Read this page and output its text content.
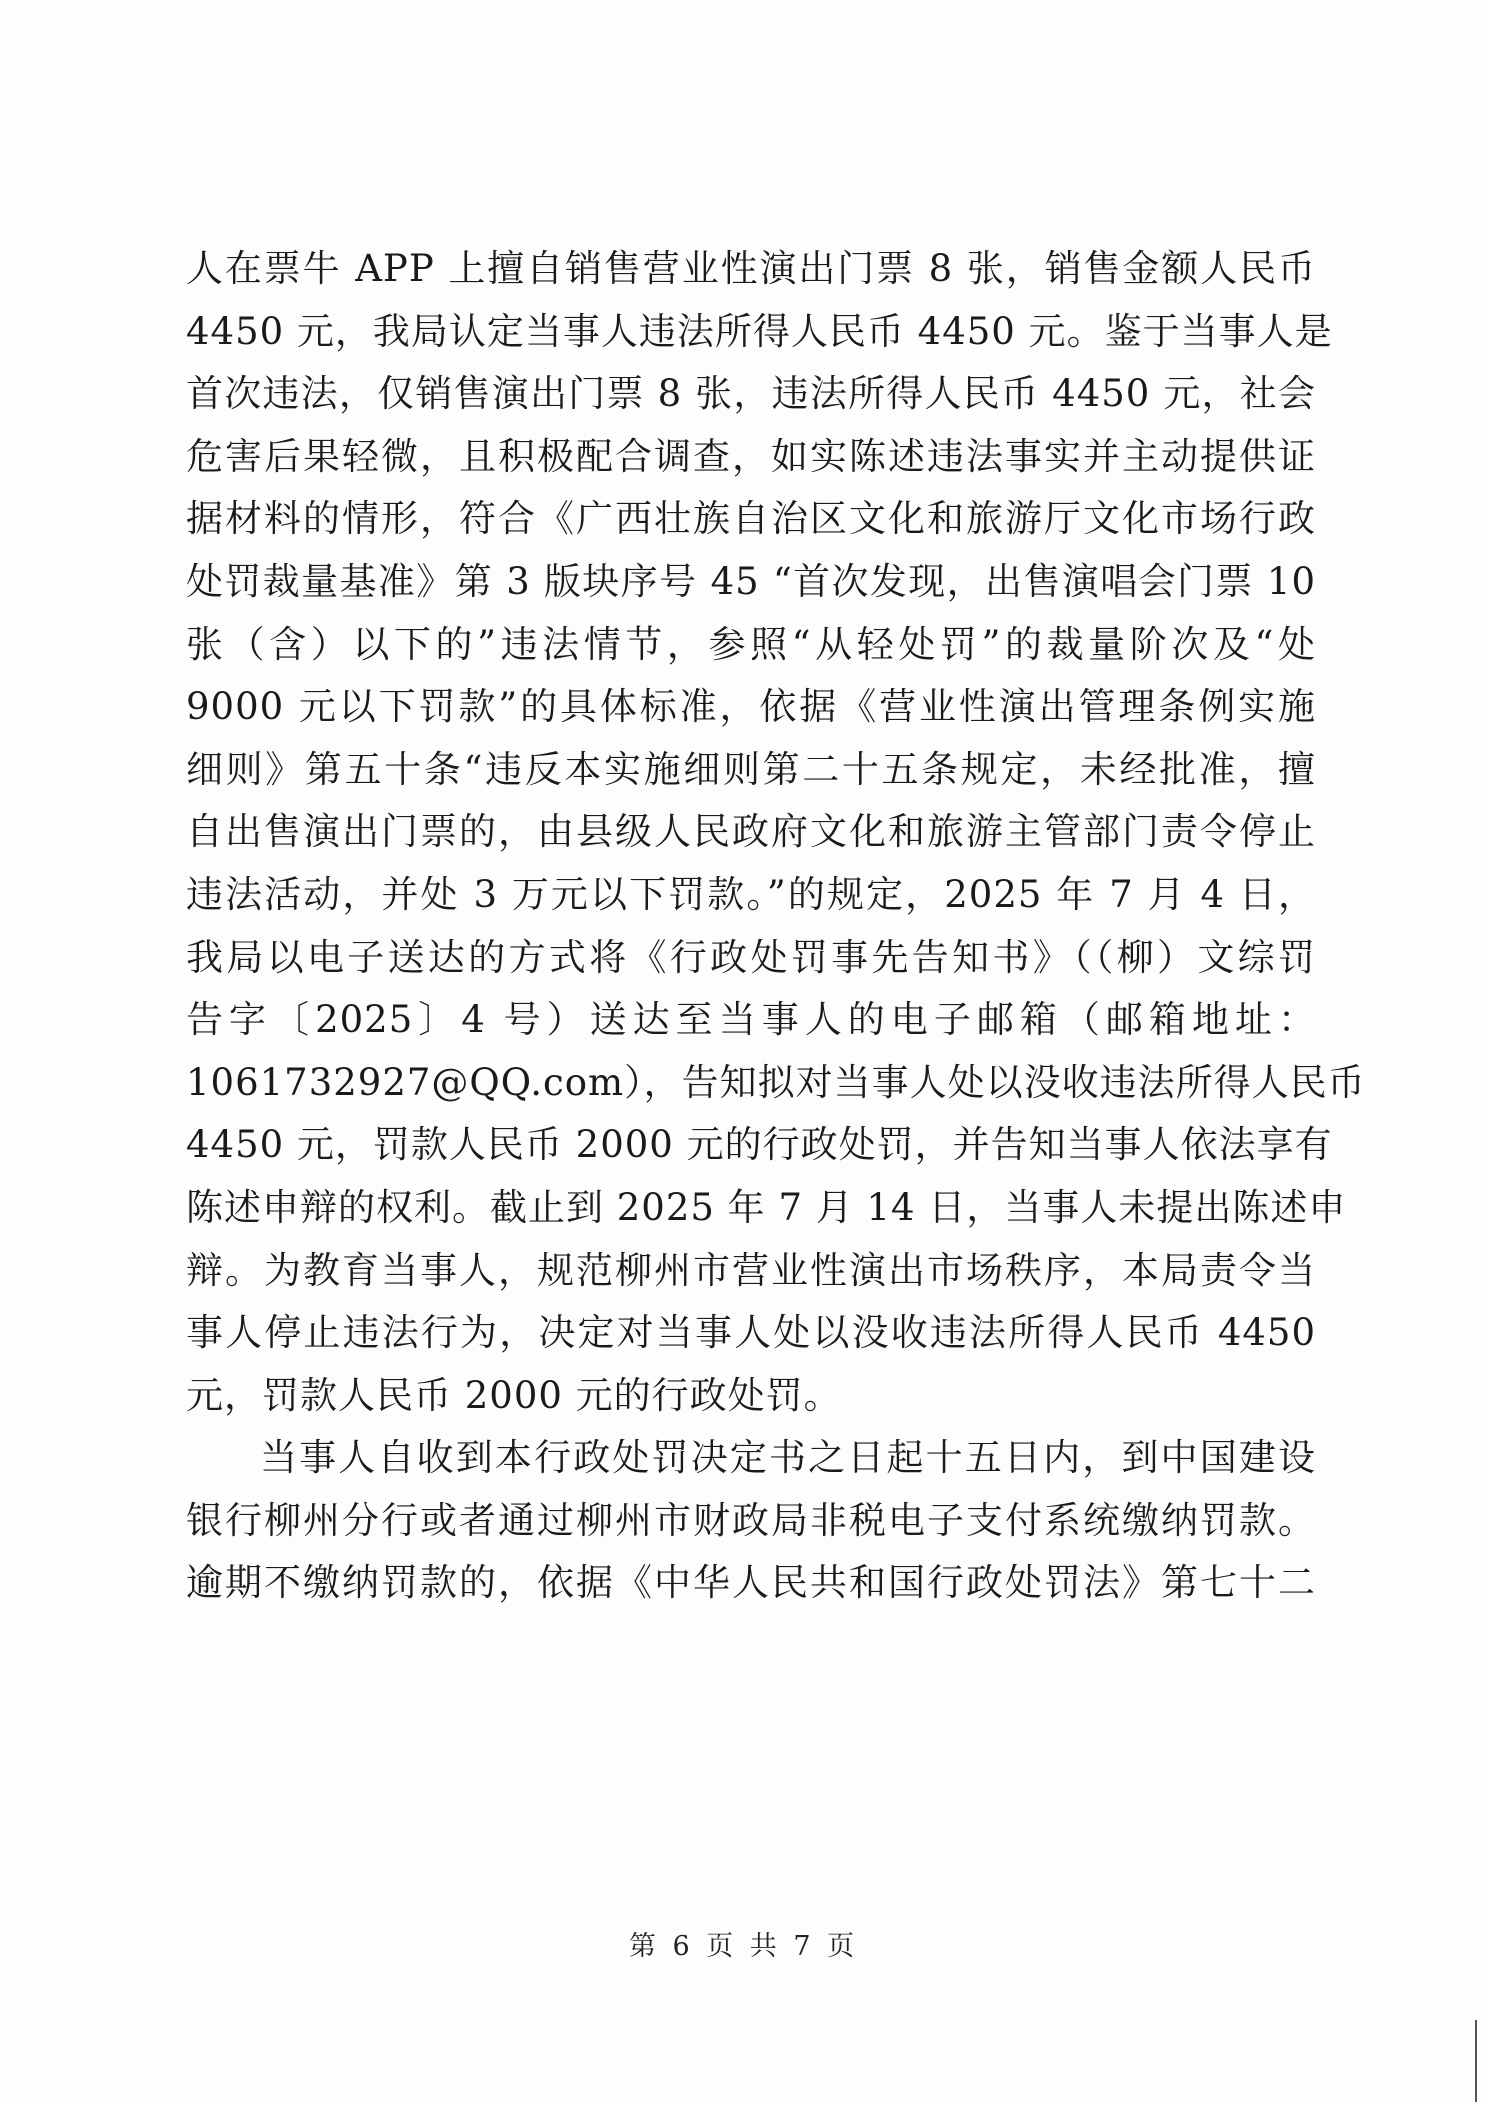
人在票牛 APP 上擅自销售营业性演出门票 8 张，销售金额人民币
4450 元，我局认定当事人违法所得人民币 4450 元。鉴于当事人是
首次违法，仅销售演出门票 8 张，违法所得人民币 4450 元，社会
危害后果轻微，且积极配合调查，如实陈述违法事实并主动提供证
据材料的情形，符合《广西壮族自治区文化和旅游厅文化市场行政
处罚裁量基准》第 3 版块序号 45 “首次发现，出售演唱会门票 10
张（含）以下的”违法情节，参照“从轻处罚”的裁量阶次及“处
9000 元以下罚款”的具体标准，依据《营业性演出管理条例实施
细则》第五十条“违反本实施细则第二十五条规定，未经批准，擅
自出售演出门票的，由县级人民政府文化和旅游主管部门责令停止
违法活动，并处 3 万元以下罚款。”的规定，2025 年 7 月 4 日，
我局以电子送达的方式将《行政处罚事先告知书》（（柳）文综罚
告字〔2025〕4 号）送达至当事人的电子邮箱（邮箱地址：
1061732927@QQ.com），告知拟对当事人处以没收违法所得人民币
4450 元，罚款人民币 2000 元的行政处罚，并告知当事人依法享有
陈述申辩的权利。截止到 2025 年 7 月 14 日，当事人未提出陈述申
辩。为教育当事人，规范柳州市营业性演出市场秩序，本局责令当
事人停止违法行为，决定对当事人处以没收违法所得人民币 4450
元，罚款人民币 2000 元的行政处罚。

当事人自收到本行政处罚决定书之日起十五日内，到中国建设
银行柳州分行或者通过柳州市财政局非税电子支付系统缴纳罚款。
逾期不缴纳罚款的，依据《中华人民共和国行政处罚法》第七十二

第 6 页 共 7 页
